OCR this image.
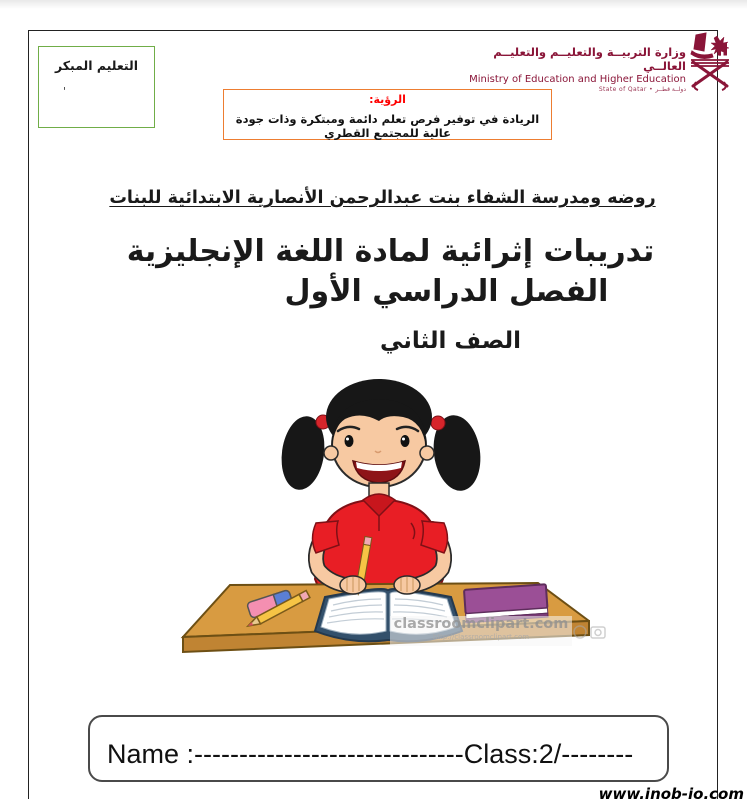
التعليم المبكر
'
وزارة التربيــة والتعليــم والتعليــم العالــي
Ministry of Education and Higher Education
State of Qatar • دولــة قطــر
الرؤية:
الريادة في توفير فرص تعلم دائمة ومبتكرة وذات جودة عالية للمجتمع القطري
روضه ومدرسة الشفاء بنت عبدالرحمن الأنصارية الابتدائية للبنات
تدريبات إثرائية لمادة اللغة الإنجليزية
الفصل الدراسي الأول
الصف الثاني
classroomclipart.com
http://classroomclipart.com
Name :------------------------------Class:2/--------
www.inob-io.com
